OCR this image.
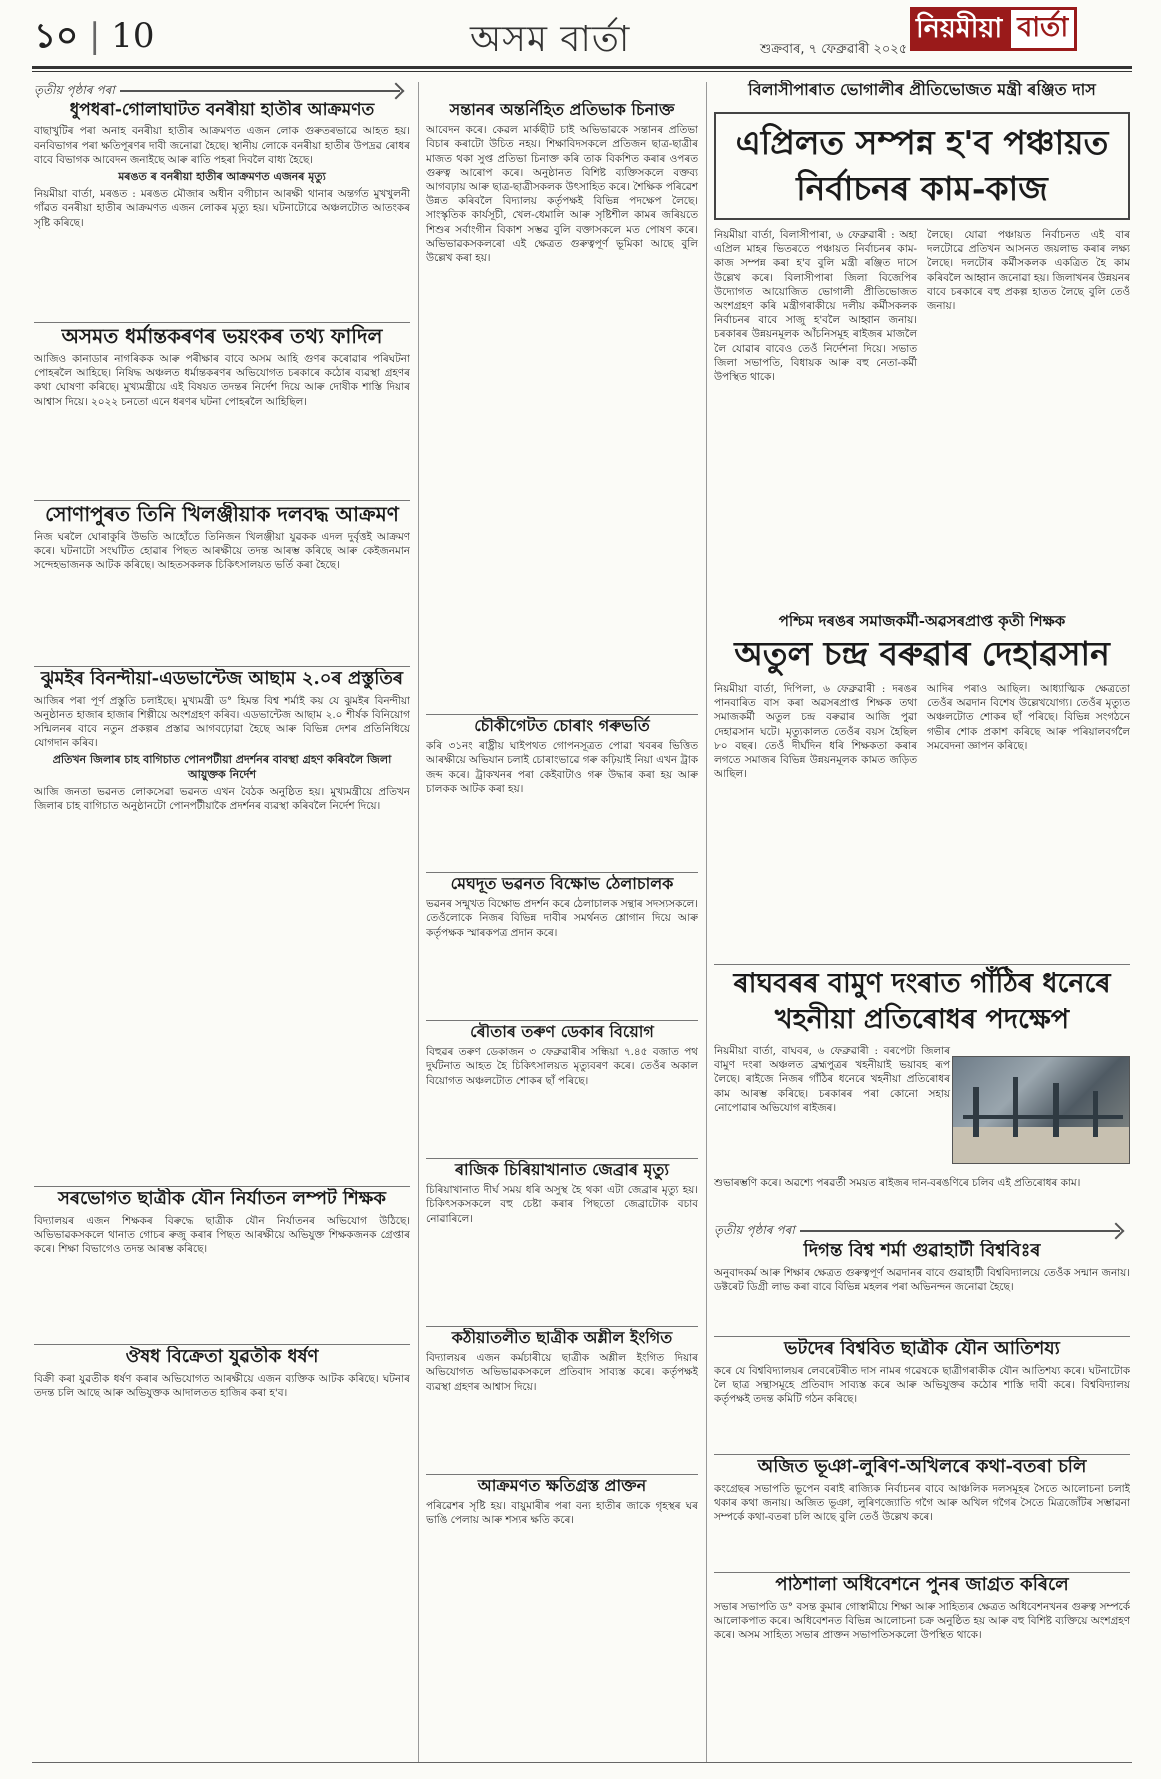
১০ | 10	অসম বাৰ্তা	শুক্ৰবাৰ, ৭ ফেব্ৰুৱাৰী ২০২৫
নিয়মীয়া বাৰ্তা
তৃতীয় পৃষ্ঠাৰ পৰা
ধুপধৰা-গোলাঘাটত বনৰীয়া হাতীৰ আক্ৰমণত

বাছাখুটিৰ পৰা অনাহ বনৰীয়া হাতীৰ আক্ৰমণত এজন লোক গুৰুতৰভাৱে আহত হয়। বনবিভাগৰ পৰা ক্ষতিপূৰণৰ দাবী জনোৱা হৈছে। স্থানীয় লোকে বনৰীয়া হাতীৰ উপদ্ৰৱ ৰোধৰ বাবে বিভাগক আবেদন জনাইছে আৰু ৰাতি পহৰা দিবলৈ বাধ্য হৈছে।

মৰঙত ৰ বনৰীয়া হাতীৰ আক্ৰমণত এজনৰ মৃত্যু

নিয়মীয়া বাৰ্তা, মৰঙত : মৰঙত মৌজাৰ অধীন বগীচান আৰক্ষী থানাৰ অন্তৰ্গত মুখখুলনী গাঁৱত বনৰীয়া হাতীৰ আক্ৰমণত এজন লোকৰ মৃত্যু হয়। ঘটনাটোৱে অঞ্চলটোত আতংকৰ সৃষ্টি কৰিছে।

অসমত ধৰ্মান্তকৰণৰ ভয়ংকৰ তথ্য ফাদিল
আজিও কানাডাৰ নাগৰিকক আৰু পৰীক্ষাৰ বাবে অসম আহি গুণৰ কৰোৱাৰ পৰিঘটনা পোহৰলৈ আহিছে। নিষিদ্ধ অঞ্চলত ধৰ্মান্তকৰণৰ অভিযোগত চৰকাৰে কঠোৰ ব্যৱস্থা গ্ৰহণৰ কথা ঘোষণা কৰিছে। মুখ্যমন্ত্ৰীয়ে এই বিষয়ত তদন্তৰ নিৰ্দেশ দিয়ে আৰু দোষীক শাস্তি দিয়াৰ আশ্বাস দিয়ে। ২০২২ চনতো এনে ধৰণৰ ঘটনা পোহৰলৈ আহিছিল।
সোণাপুৰত তিনি খিলঞ্জীয়াক দলবদ্ধ আক্ৰমণ
নিজ ঘৰলৈ ঘোৰাকুৰি উভতি আহোঁতে তিনিজন খিলঞ্জীয়া যুৱকক এদল দুৰ্বৃত্তই আক্ৰমণ কৰে। ঘটনাটো সংঘটিত হোৱাৰ পিছত আৰক্ষীয়ে তদন্ত আৰম্ভ কৰিছে আৰু কেইজনমান সন্দেহভাজনক আটক কৰিছে। আহতসকলক চিকিৎসালয়ত ভৰ্তি কৰা হৈছে।
ঝুমইৰ বিনন্দীয়া-এডভান্টেজ আছাম ২.০ৰ প্ৰস্তুতিৰ

আজিৰ পৰা পূৰ্ণ প্ৰস্তুতি চলাইছে। মুখ্যমন্ত্ৰী ড° হিমন্ত বিশ্ব শৰ্মাই কয় যে ঝুমইৰ বিনন্দীয়া অনুষ্ঠানত হাজাৰ হাজাৰ শিল্পীয়ে অংশগ্ৰহণ কৰিব। এডভান্টেজ আছাম ২.০ শীৰ্ষক বিনিয়োগ সন্মিলনৰ বাবে নতুন প্ৰকল্পৰ প্ৰস্তাৱ আগবঢ়োৱা হৈছে আৰু বিভিন্ন দেশৰ প্ৰতিনিধিয়ে যোগদান কৰিব।

প্ৰতিখন জিলাৰ চাহ বাগিচাত পোনপটীয়া প্ৰদৰ্শনৰ বাবস্থা গ্ৰহণ কৰিবলৈ জিলা আয়ুক্তক নিৰ্দেশ

আজি জনতা ভৱনত লোকসেৱা ভৱনত এখন বৈঠক অনুষ্ঠিত হয়। মুখ্যমন্ত্ৰীয়ে প্ৰতিখন জিলাৰ চাহ বাগিচাত অনুষ্ঠানটো পোনপটীয়াকৈ প্ৰদৰ্শনৰ ব্যৱস্থা কৰিবলৈ নিৰ্দেশ দিয়ে।

সৰভোগত ছাত্ৰীক যৌন নিৰ্যাতন লম্পট শিক্ষক
বিদ্যালয়ৰ এজন শিক্ষকৰ বিৰুদ্ধে ছাত্ৰীক যৌন নিৰ্যাতনৰ অভিযোগ উঠিছে। অভিভাৱকসকলে থানাত গোচৰ ৰুজু কৰাৰ পিছত আৰক্ষীয়ে অভিযুক্ত শিক্ষকজনক গ্ৰেপ্তাৰ কৰে। শিক্ষা বিভাগেও তদন্ত আৰম্ভ কৰিছে।
ঔষধ বিক্ৰেতা যুৱতীক ধৰ্ষণ
বিক্ৰী কৰা যুৱতীক ধৰ্ষণ কৰাৰ অভিযোগত আৰক্ষীয়ে এজন ব্যক্তিক আটক কৰিছে। ঘটনাৰ তদন্ত চলি আছে আৰু অভিযুক্তক আদালতত হাজিৰ কৰা হ'ব।
সন্তানৰ অন্তৰ্নিহিত প্ৰতিভাক চিনাক্ত
আবেদন কৰে। কেৱল মাৰ্কছীট চাই অভিভাৱকে সন্তানৰ প্ৰতিভা বিচাৰ কৰাটো উচিত নহয়। শিক্ষাবিদসকলে প্ৰতিজন ছাত্ৰ-ছাত্ৰীৰ মাজত থকা সুপ্ত প্ৰতিভা চিনাক্ত কৰি তাক বিকশিত কৰাৰ ওপৰত গুৰুত্ব আৰোপ কৰে। অনুষ্ঠানত বিশিষ্ট ব্যক্তিসকলে বক্তব্য আগবঢ়ায় আৰু ছাত্ৰ-ছাত্ৰীসকলক উৎসাহিত কৰে। শৈক্ষিক পৰিৱেশ উন্নত কৰিবলৈ বিদ্যালয় কৰ্তৃপক্ষই বিভিন্ন পদক্ষেপ লৈছে। সাংস্কৃতিক কাৰ্যসূচী, খেল-ধেমালি আৰু সৃষ্টিশীল কামৰ জৰিয়তে শিশুৰ সৰ্বাংগীন বিকাশ সম্ভৱ বুলি বক্তাসকলে মত পোষণ কৰে। অভিভাৱকসকলৰো এই ক্ষেত্ৰত গুৰুত্বপূৰ্ণ ভূমিকা আছে বুলি উল্লেখ কৰা হয়।
চৌকীগেটত চোৰাং গৰুভৰ্তি
কৰি ৩১নং ৰাষ্ট্ৰীয় ঘাইপথত গোপনসূত্ৰত পোৱা খবৰৰ ভিত্তিত আৰক্ষীয়ে অভিযান চলাই চোৰাংভাৱে গৰু কঢ়িয়াই নিয়া এখন ট্ৰাক জব্দ কৰে। ট্ৰাকখনৰ পৰা কেইবাটাও গৰু উদ্ধাৰ কৰা হয় আৰু চালকক আটক কৰা হয়।
মেঘদূত ভৱনত বিক্ষোভ ঠেলাচালক
ভৱনৰ সন্মুখত বিক্ষোভ প্ৰদৰ্শন কৰে ঠেলাচালক সন্থাৰ সদস্যসকলে। তেওঁলোকে নিজৰ বিভিন্ন দাবীৰ সমৰ্থনত শ্লোগান দিয়ে আৰু কৰ্তৃপক্ষক স্মাৰকপত্ৰ প্ৰদান কৰে।
ৰৌতাৰ তৰুণ ডেকাৰ বিয়োগ
বিহুৱৰ তৰুণ ডেকাজন ৩ ফেব্ৰুৱাৰীৰ সন্ধিয়া ৭.৪৫ বজাত পথ দুৰ্ঘটনাত আহত হৈ চিকিৎসালয়ত মৃত্যুবৰণ কৰে। তেওঁৰ অকাল বিয়োগত অঞ্চলটোত শোকৰ ছাঁ পৰিছে।
ৰাজিক চিৰিয়াখানাত জেব্ৰাৰ মৃত্যু
চিৰিয়াখানাত দীৰ্ঘ সময় ধৰি অসুস্থ হৈ থকা এটা জেব্ৰাৰ মৃত্যু হয়। চিকিৎসকসকলে বহু চেষ্টা কৰাৰ পিছতো জেব্ৰাটোক বচাব নোৱাৰিলে।
কঠীয়াতলীত ছাত্ৰীক অশ্লীল ইংগিত
বিদ্যালয়ৰ এজন কৰ্মচাৰীয়ে ছাত্ৰীক অশ্লীল ইংগিত দিয়াৰ অভিযোগত অভিভাৱকসকলে প্ৰতিবাদ সাব্যস্ত কৰে। কৰ্তৃপক্ষই ব্যৱস্থা গ্ৰহণৰ আশ্বাস দিয়ে।
আক্ৰমণত ক্ষতিগ্ৰস্ত প্ৰাক্তন
পৰিৱেশৰ সৃষ্টি হয়। বায়ুমাৰীৰ পৰা বন্য হাতীৰ জাকে গৃহস্থৰ ঘৰ ভাঙি পেলায় আৰু শস্যৰ ক্ষতি কৰে।
বিলাসীপাৰাত ভোগালীৰ প্ৰীতিভোজত মন্ত্ৰী ৰঞ্জিত দাস
এপ্ৰিলত সম্পন্ন হ'ব পঞ্চায়ত নিৰ্বাচনৰ কাম-কাজ
নিয়মীয়া বাৰ্তা, বিলাসীপাৰা, ৬ ফেব্ৰুৱাৰী : অহা এপ্ৰিল মাহৰ ভিতৰতে পঞ্চায়ত নিৰ্বাচনৰ কাম-কাজ সম্পন্ন কৰা হ'ব বুলি মন্ত্ৰী ৰঞ্জিত দাসে উল্লেখ কৰে। বিলাসীপাৰা জিলা বিজেপিৰ উদ্যোগত আয়োজিত ভোগালী প্ৰীতিভোজত অংশগ্ৰহণ কৰি মন্ত্ৰীগৰাকীয়ে দলীয় কৰ্মীসকলক নিৰ্বাচনৰ বাবে সাজু হ'বলৈ আহ্বান জনায়। চৰকাৰৰ উন্নয়নমূলক আঁচনিসমূহ ৰাইজৰ মাজলৈ লৈ যোৱাৰ বাবেও তেওঁ নিৰ্দেশনা দিয়ে। সভাত জিলা সভাপতি, বিধায়ক আৰু বহু নেতা-কৰ্মী উপস্থিত থাকে।
লৈছে। যোৱা পঞ্চায়ত নিৰ্বাচনত এই বাৰ দলটোৱে প্ৰতিখন আসনত জয়লাভ কৰাৰ লক্ষ্য লৈছে। দলটোৰ কৰ্মীসকলক একত্ৰিত হৈ কাম কৰিবলৈ আহ্বান জনোৱা হয়। জিলাখনৰ উন্নয়নৰ বাবে চৰকাৰে বহু প্ৰকল্প হাতত লৈছে বুলি তেওঁ জনায়।
পশ্চিম দৰঙৰ সমাজকৰ্মী-অৱসৰপ্ৰাপ্ত কৃতী শিক্ষক
অতুল চন্দ্ৰ বৰুৱাৰ দেহাৱসান
নিয়মীয়া বাৰ্তা, দিপিলা, ৬ ফেব্ৰুৱাৰী : দৰঙৰ পানবাৰিত বাস কৰা অৱসৰপ্ৰাপ্ত শিক্ষক তথা সমাজকৰ্মী অতুল চন্দ্ৰ বৰুৱাৰ আজি পুৱা দেহাৱসান ঘটে। মৃত্যুকালত তেওঁৰ বয়স হৈছিল ৮০ বছৰ। তেওঁ দীৰ্ঘদিন ধৰি শিক্ষকতা কৰাৰ লগতে সমাজৰ বিভিন্ন উন্নয়নমূলক কামত জড়িত আছিল।
আদিৰ পৰাও আছিল। আধ্যাত্মিক ক্ষেত্ৰতো তেওঁৰ অৱদান বিশেষ উল্লেখযোগ্য। তেওঁৰ মৃত্যুত অঞ্চলটোত শোকৰ ছাঁ পৰিছে। বিভিন্ন সংগঠনে গভীৰ শোক প্ৰকাশ কৰিছে আৰু পৰিয়ালবৰ্গলৈ সমবেদনা জ্ঞাপন কৰিছে।
ৰাঘবৰৰ বামুণ দংৰাত গাঁঠিৰ ধনেৰে খহনীয়া প্ৰতিৰোধৰ পদক্ষেপ
নিয়মীয়া বাৰ্তা, বাঘবৰ, ৬ ফেব্ৰুৱাৰী : বৰপেটা জিলাৰ বামুণ দংৰা অঞ্চলত ব্ৰহ্মপুত্ৰৰ খহনীয়াই ভয়াবহ ৰূপ লৈছে। ৰাইজে নিজৰ গাঁঠিৰ ধনেৰে খহনীয়া প্ৰতিৰোধৰ কাম আৰম্ভ কৰিছে। চৰকাৰৰ পৰা কোনো সহায় নোপোৱাৰ অভিযোগ ৰাইজৰ।
শুভাৰম্ভণি কৰে। অৱশ্যে পৰৱৰ্তী সময়ত ৰাইজৰ দান-বৰঙণিৰে চলিব এই প্ৰতিৰোধৰ কাম।
তৃতীয় পৃষ্ঠাৰ পৰা
দিগন্ত বিশ্ব শৰ্মা গুৱাহাটী বিশ্ববিঃৰ
অনুবাদকৰ্ম আৰু শিক্ষাৰ ক্ষেত্ৰত গুৰুত্বপূৰ্ণ অৱদানৰ বাবে গুৱাহাটী বিশ্ববিদ্যালয়ে তেওঁক সন্মান জনায়। ডক্টৰেট ডিগ্ৰী লাভ কৰা বাবে বিভিন্ন মহলৰ পৰা অভিনন্দন জনোৱা হৈছে।
ভটদেৰ বিশ্ববিত ছাত্ৰীক যৌন আতিশয্য
কৰে যে বিশ্ববিদ্যালয়ৰ লেবৰেটৰীত দাস নামৰ গৱেষকে ছাত্ৰীগৰাকীক যৌন আতিশয্য কৰে। ঘটনাটোক লৈ ছাত্ৰ সন্থাসমূহে প্ৰতিবাদ সাব্যস্ত কৰে আৰু অভিযুক্তৰ কঠোৰ শাস্তি দাবী কৰে। বিশ্ববিদ্যালয় কৰ্তৃপক্ষই তদন্ত কমিটি গঠন কৰিছে।
অজিত ভূঞা-লুৰিণ-অখিলৰে কথা-বতৰা চলি
কংগ্ৰেছৰ সভাপতি ভূপেন বৰাই ৰাজ্যিক নিৰ্বাচনৰ বাবে আঞ্চলিক দলসমূহৰ সৈতে আলোচনা চলাই থকাৰ কথা জনায়। অজিত ভূঞা, লুৰিণজ্যোতি গগৈ আৰু অখিল গগৈৰ সৈতে মিত্ৰজোঁটৰ সম্ভাৱনা সম্পৰ্কে কথা-বতৰা চলি আছে বুলি তেওঁ উল্লেখ কৰে।
পাঠশালা অধিবেশনে পুনৰ জাগ্ৰত কৰিলে
সভাৰ সভাপতি ড° বসন্ত কুমাৰ গোস্বামীয়ে শিক্ষা আৰু সাহিত্যৰ ক্ষেত্ৰত অধিবেশনখনৰ গুৰুত্ব সম্পৰ্কে আলোকপাত কৰে। অধিবেশনত বিভিন্ন আলোচনা চক্ৰ অনুষ্ঠিত হয় আৰু বহু বিশিষ্ট ব্যক্তিয়ে অংশগ্ৰহণ কৰে। অসম সাহিত্য সভাৰ প্ৰাক্তন সভাপতিসকলো উপস্থিত থাকে।
